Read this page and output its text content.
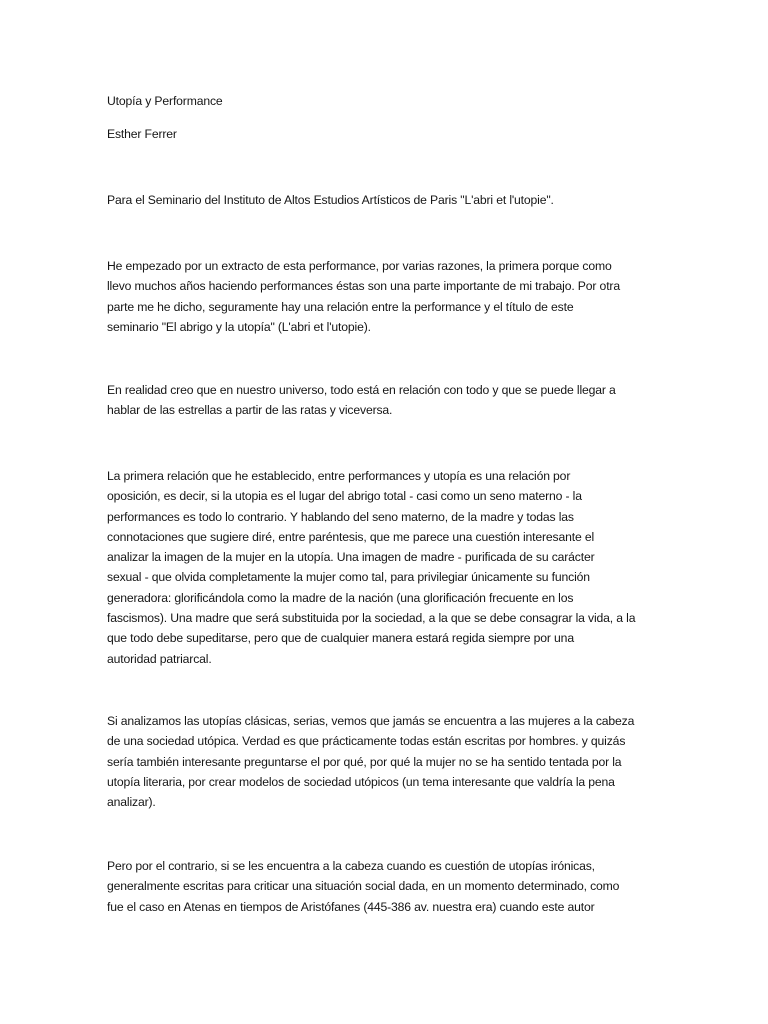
Utopía y Performance

Esther Ferrer

Para el Seminario del Instituto de Altos Estudios Artísticos de Paris "L'abri et l'utopie".

He empezado por un extracto de esta performance, por varias razones, la primera porque como
llevo muchos años haciendo performances éstas son una parte importante de mi trabajo. Por otra
parte me he dicho, seguramente hay una relación entre la performance y el título de este
seminario "El abrigo y la utopía" (L'abri et l'utopie).

En realidad creo que en nuestro universo, todo está en relación con todo y que se puede llegar a
hablar de las estrellas a partir de las ratas y viceversa.

La primera relación que he establecido, entre performances y utopía es una relación por
oposición, es decir, si la utopia es el lugar del abrigo total - casi como un seno materno - la
performances es todo lo contrario. Y hablando del seno materno, de la madre y todas las
connotaciones que sugiere diré, entre paréntesis, que me parece una cuestión interesante el
analizar la imagen de la mujer en la utopía. Una imagen de madre - purificada de su carácter
sexual - que olvida completamente la mujer como tal, para privilegiar únicamente su función
generadora: glorificándola como la madre de la nación (una glorificación frecuente en los
fascismos). Una madre que será substituida por la sociedad, a la que se debe consagrar la vida, a la
que todo debe supeditarse, pero que de cualquier manera estará regida siempre por una
autoridad patriarcal.

Si analizamos las utopías clásicas, serias, vemos que jamás se encuentra a las mujeres a la cabeza
de una sociedad utópica. Verdad es que prácticamente todas están escritas por hombres. y quizás
sería también interesante preguntarse el por qué, por qué la mujer no se ha sentido tentada por la
utopía literaria, por crear modelos de sociedad utópicos (un tema interesante que valdría la pena
analizar).

Pero por el contrario, si se les encuentra a la cabeza cuando es cuestión de utopías irónicas,
generalmente escritas para criticar una situación social dada, en un momento determinado, como
fue el caso en Atenas en tiempos de Aristófanes (445-386 av. nuestra era) cuando este autor
